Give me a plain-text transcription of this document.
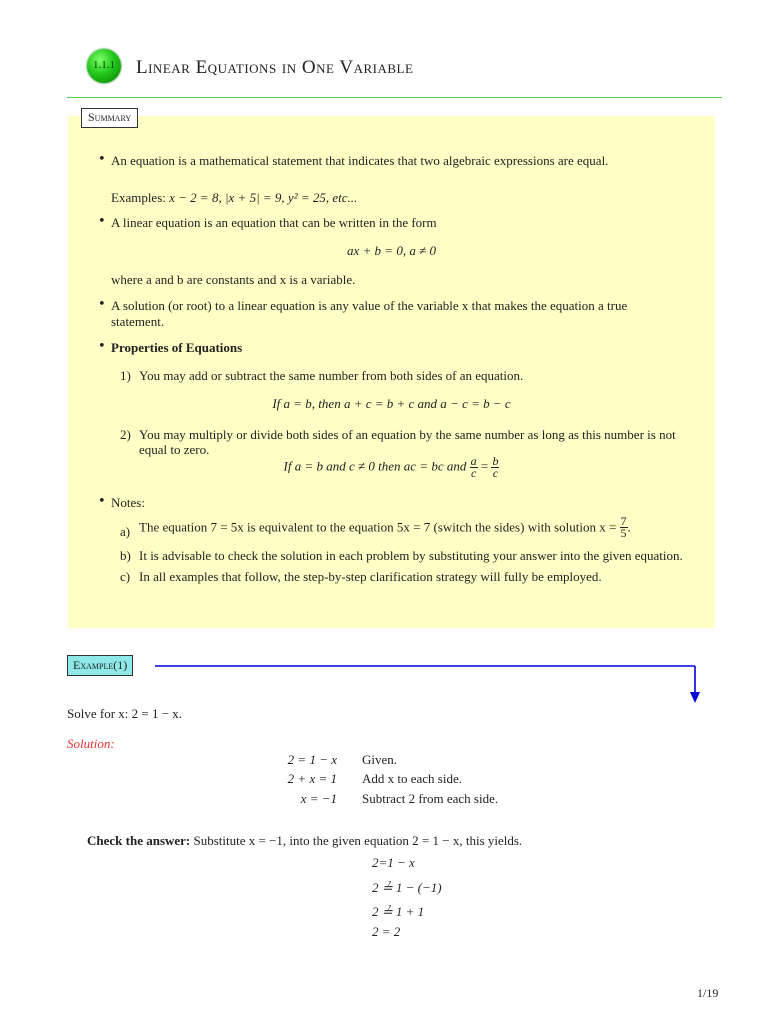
1.1.1	Linear Equations in One Variable
Summary
• An equation is a mathematical statement that indicates that two algebraic expressions are equal.
Examples: x − 2 = 8, |x + 5| = 9, y² = 25, etc...
• A linear equation is an equation that can be written in the form
ax + b = 0, a ≠ 0
where a and b are constants and x is a variable.
• A solution (or root) to a linear equation is any value of the variable x that makes the equation a true
statement.
• Properties of Equations
1) You may add or subtract the same number from both sides of an equation.
If a = b, then a + c = b + c and a − c = b − c
2) You may multiply or divide both sides of an equation by the same number as long as this number is not
equal to zero.
If a = b and c ≠ 0 then ac = bc and $\frac{a}{c} = \frac{b}{c}$
• Notes:
a) The equation 7 = 5x is equivalent to the equation 5x = 7 (switch the sides) with solution $x = \frac{7}{5}$ .
b) It is advisable to check the solution in each problem by substituting your answer into the given equation.
c) In all examples that follow, the step-by-step clarification strategy will fully be employed.
Example(1)
Solve for x: 2 = 1 − x.
Solution:
2 = 1 − x Given.
2 + x = 1 Add x to each side.
x = −1 Subtract 2 from each side.
Check the answer: Substitute x = −1, into the given equation 2 = 1 − x, this yields.
2=1 − x
2 ≟ 1 − (−1)
2 ≟ 1 + 1
2 = 2
1/19
